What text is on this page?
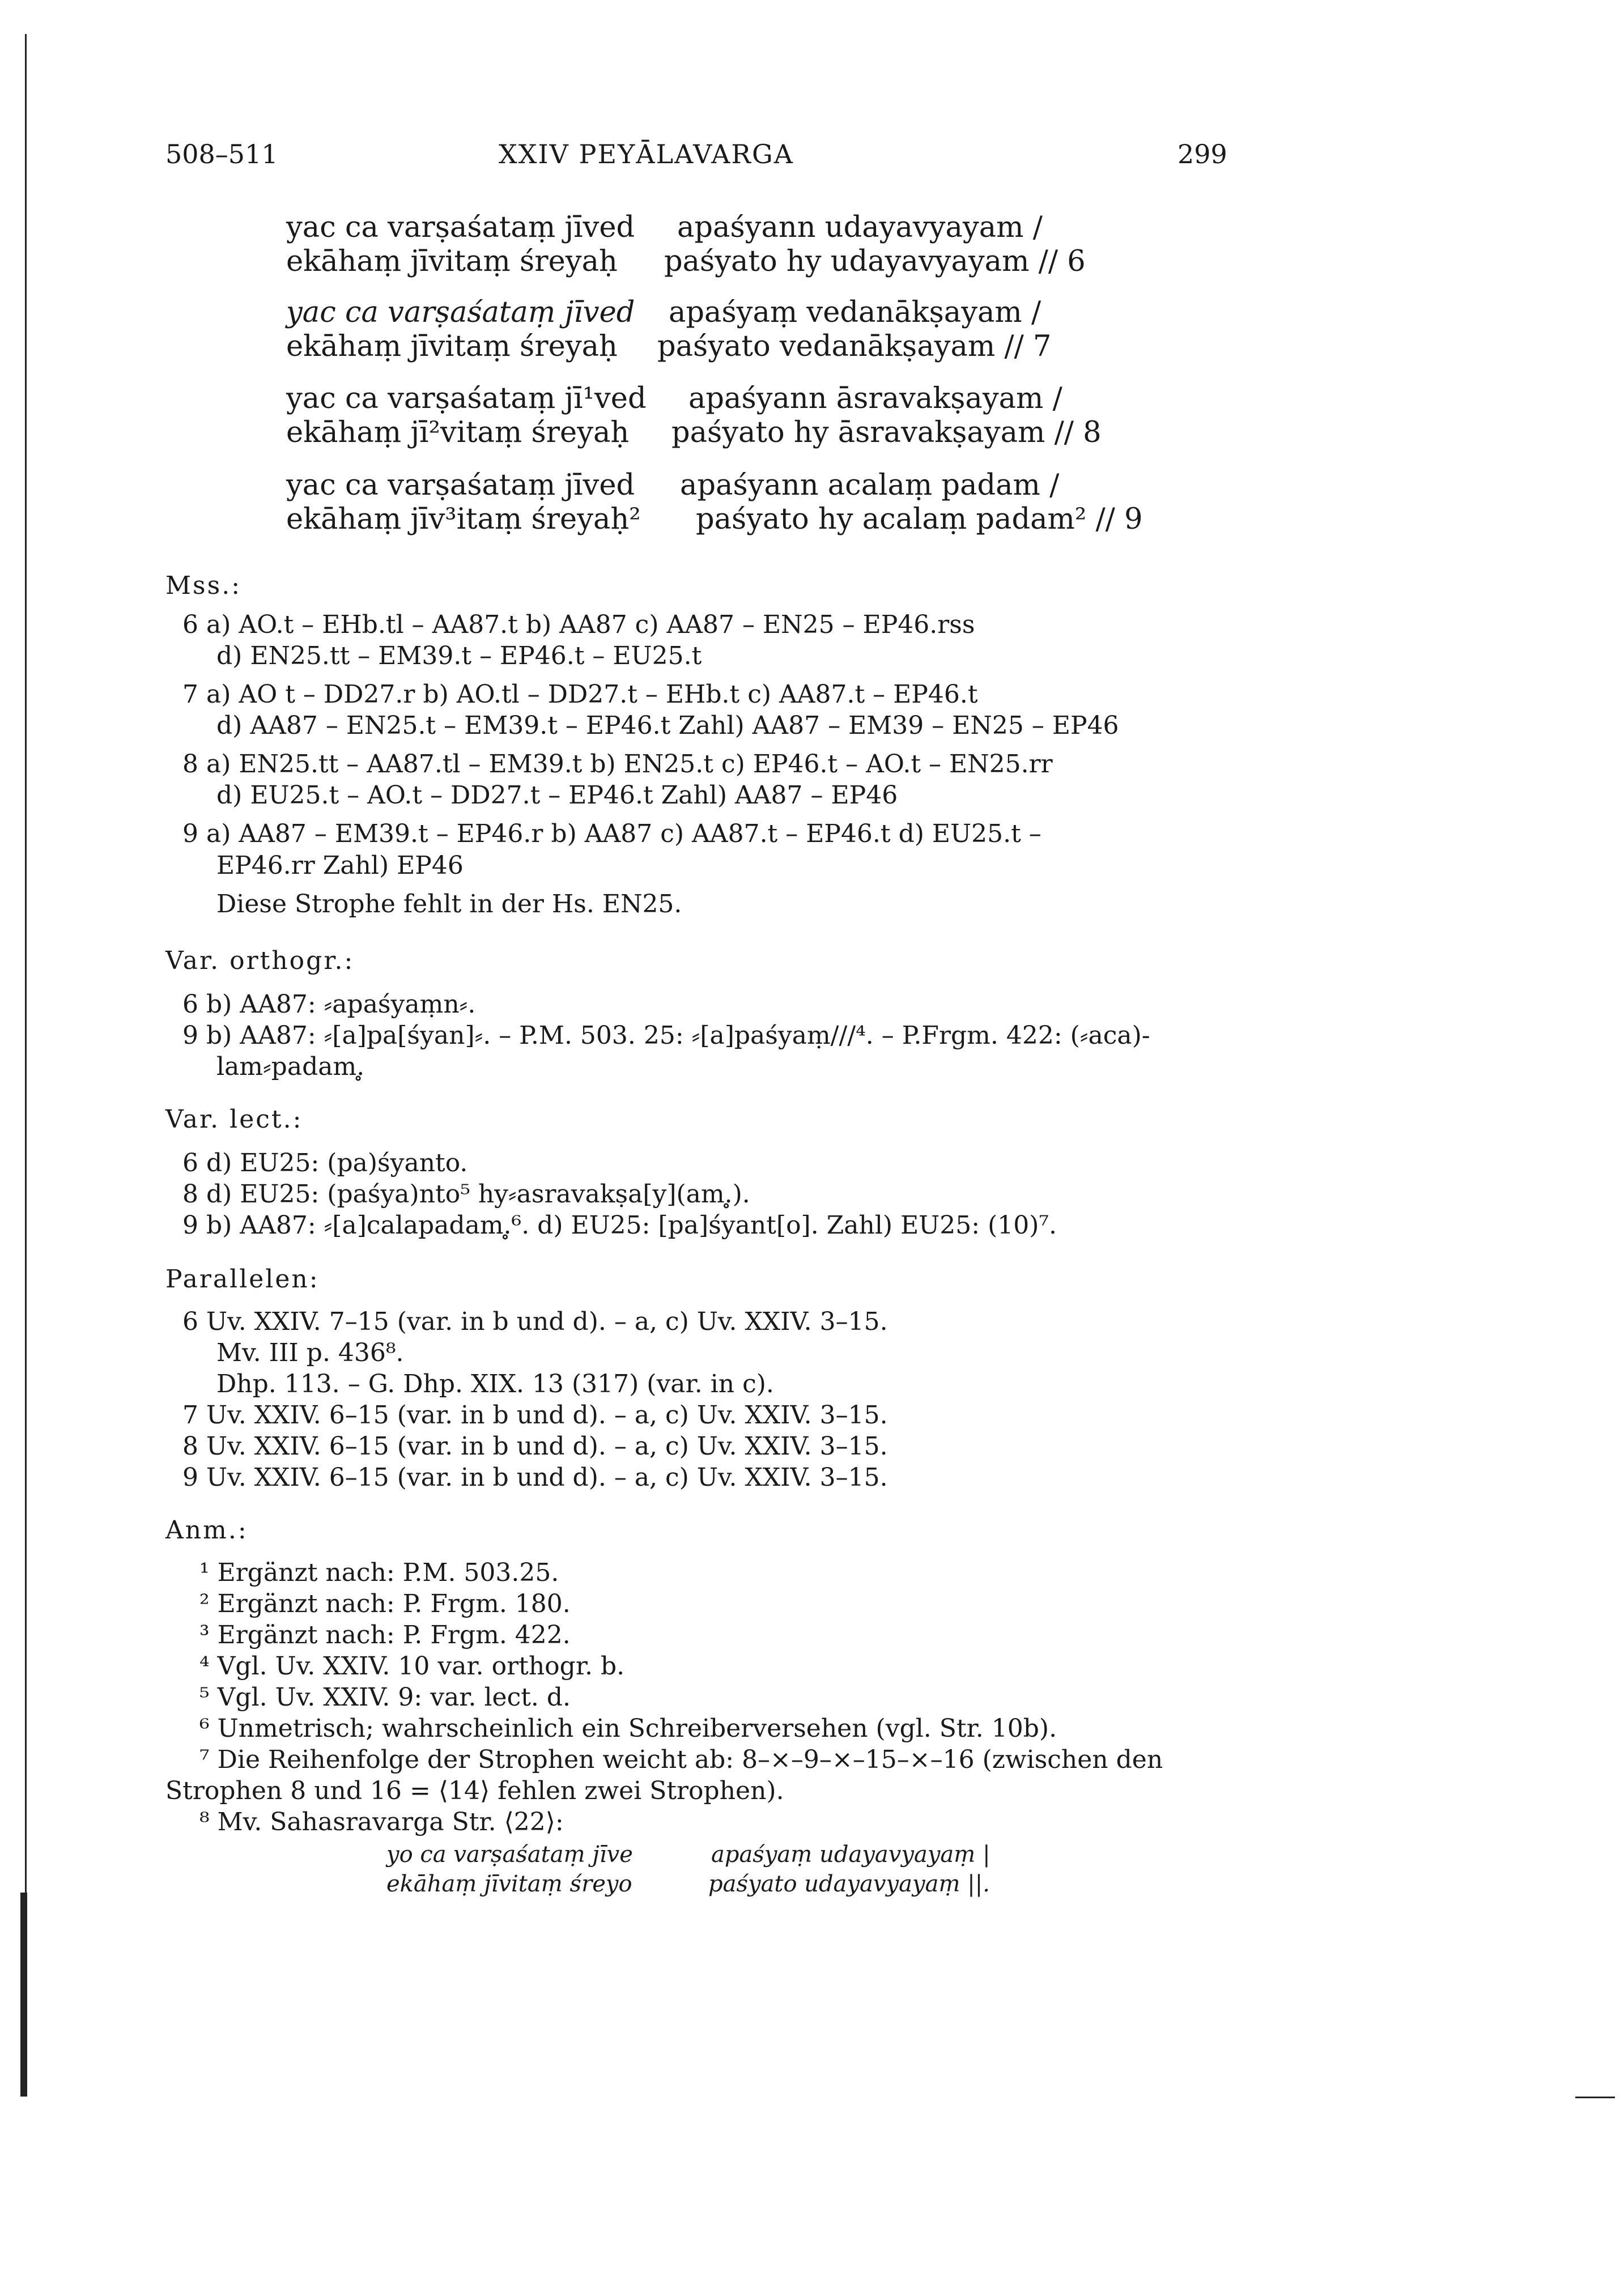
508–511	XXIV PEYĀLAVARGA	299
yac ca varṣaśataṃ jīved apaśyann udayavyayam /
ekāhaṃ jīvitaṃ śreyaḥ paśyato hy udayavyayam // 6
yac ca varṣaśataṃ jīved apaśyaṃ vedanākṣayam /
ekāhaṃ jīvitaṃ śreyaḥ paśyato vedanākṣayam // 7
yac ca varṣaśataṃ jī¹ved apaśyann āsravakṣayam /
ekāhaṃ jī²vitaṃ śreyaḥ paśyato hy āsravakṣayam // 8
yac ca varṣaśataṃ jīved apaśyann acalaṃ padam /
ekāhaṃ jīv³itaṃ śreyaḥ² paśyato hy acalaṃ padam² // 9
Mss.:
6 a) AO.t – EHb.tl – AA87.t b) AA87 c) AA87 – EN25 – EP46.rss
d) EN25.tt – EM39.t – EP46.t – EU25.t
7 a) AO t – DD27.r b) AO.tl – DD27.t – EHb.t c) AA87.t – EP46.t
d) AA87 – EN25.t – EM39.t – EP46.t Zahl) AA87 – EM39 – EN25 – EP46
8 a) EN25.tt – AA87.tl – EM39.t b) EN25.t c) EP46.t – AO.t – EN25.rr
d) EU25.t – AO.t – DD27.t – EP46.t Zahl) AA87 – EP46
9 a) AA87 – EM39.t – EP46.r b) AA87 c) AA87.t – EP46.t d) EU25.t –
EP46.rr Zahl) EP46
Diese Strophe fehlt in der Hs. EN25.
Var. orthogr.:
6 b) AA87: ⸗apaśyaṃn⸗.
9 b) AA87: ⸗[a]pa[śyan]⸗. – P.M. 503. 25: ⸗[a]paśyaṃ///⁴. – P.Frgm. 422: (⸗aca)-
lam⸗padam.̥
Var. lect.:
6 d) EU25: (pa)śyanto.
8 d) EU25: (paśya)nto⁵ hy⸗asravakṣa[y](am.̥).
9 b) AA87: ⸗[a]calapadam.̥⁶. d) EU25: [pa]śyant[o]. Zahl) EU25: (10)⁷.
Parallelen:
6 Uv. XXIV. 7–15 (var. in b und d). – a, c) Uv. XXIV. 3–15.
Mv. III p. 436⁸.
Dhp. 113. – G. Dhp. XIX. 13 (317) (var. in c).
7 Uv. XXIV. 6–15 (var. in b und d). – a, c) Uv. XXIV. 3–15.
8 Uv. XXIV. 6–15 (var. in b und d). – a, c) Uv. XXIV. 3–15.
9 Uv. XXIV. 6–15 (var. in b und d). – a, c) Uv. XXIV. 3–15.
Anm.:
¹ Ergänzt nach: P.M. 503.25.
² Ergänzt nach: P. Frgm. 180.
³ Ergänzt nach: P. Frgm. 422.
⁴ Vgl. Uv. XXIV. 10 var. orthogr. b.
⁵ Vgl. Uv. XXIV. 9: var. lect. d.
⁶ Unmetrisch; wahrscheinlich ein Schreiberversehen (vgl. Str. 10b).
⁷ Die Reihenfolge der Strophen weicht ab: 8–×–9–×–15–×–16 (zwischen den
Strophen 8 und 16 = ⟨14⟩ fehlen zwei Strophen).
⁸ Mv. Sahasravarga Str. ⟨22⟩:
yo ca varṣaśataṃ jīve	apaśyaṃ udayavyayaṃ |
ekāhaṃ jīvitaṃ śreyo	paśyato udayavyayaṃ ||.
